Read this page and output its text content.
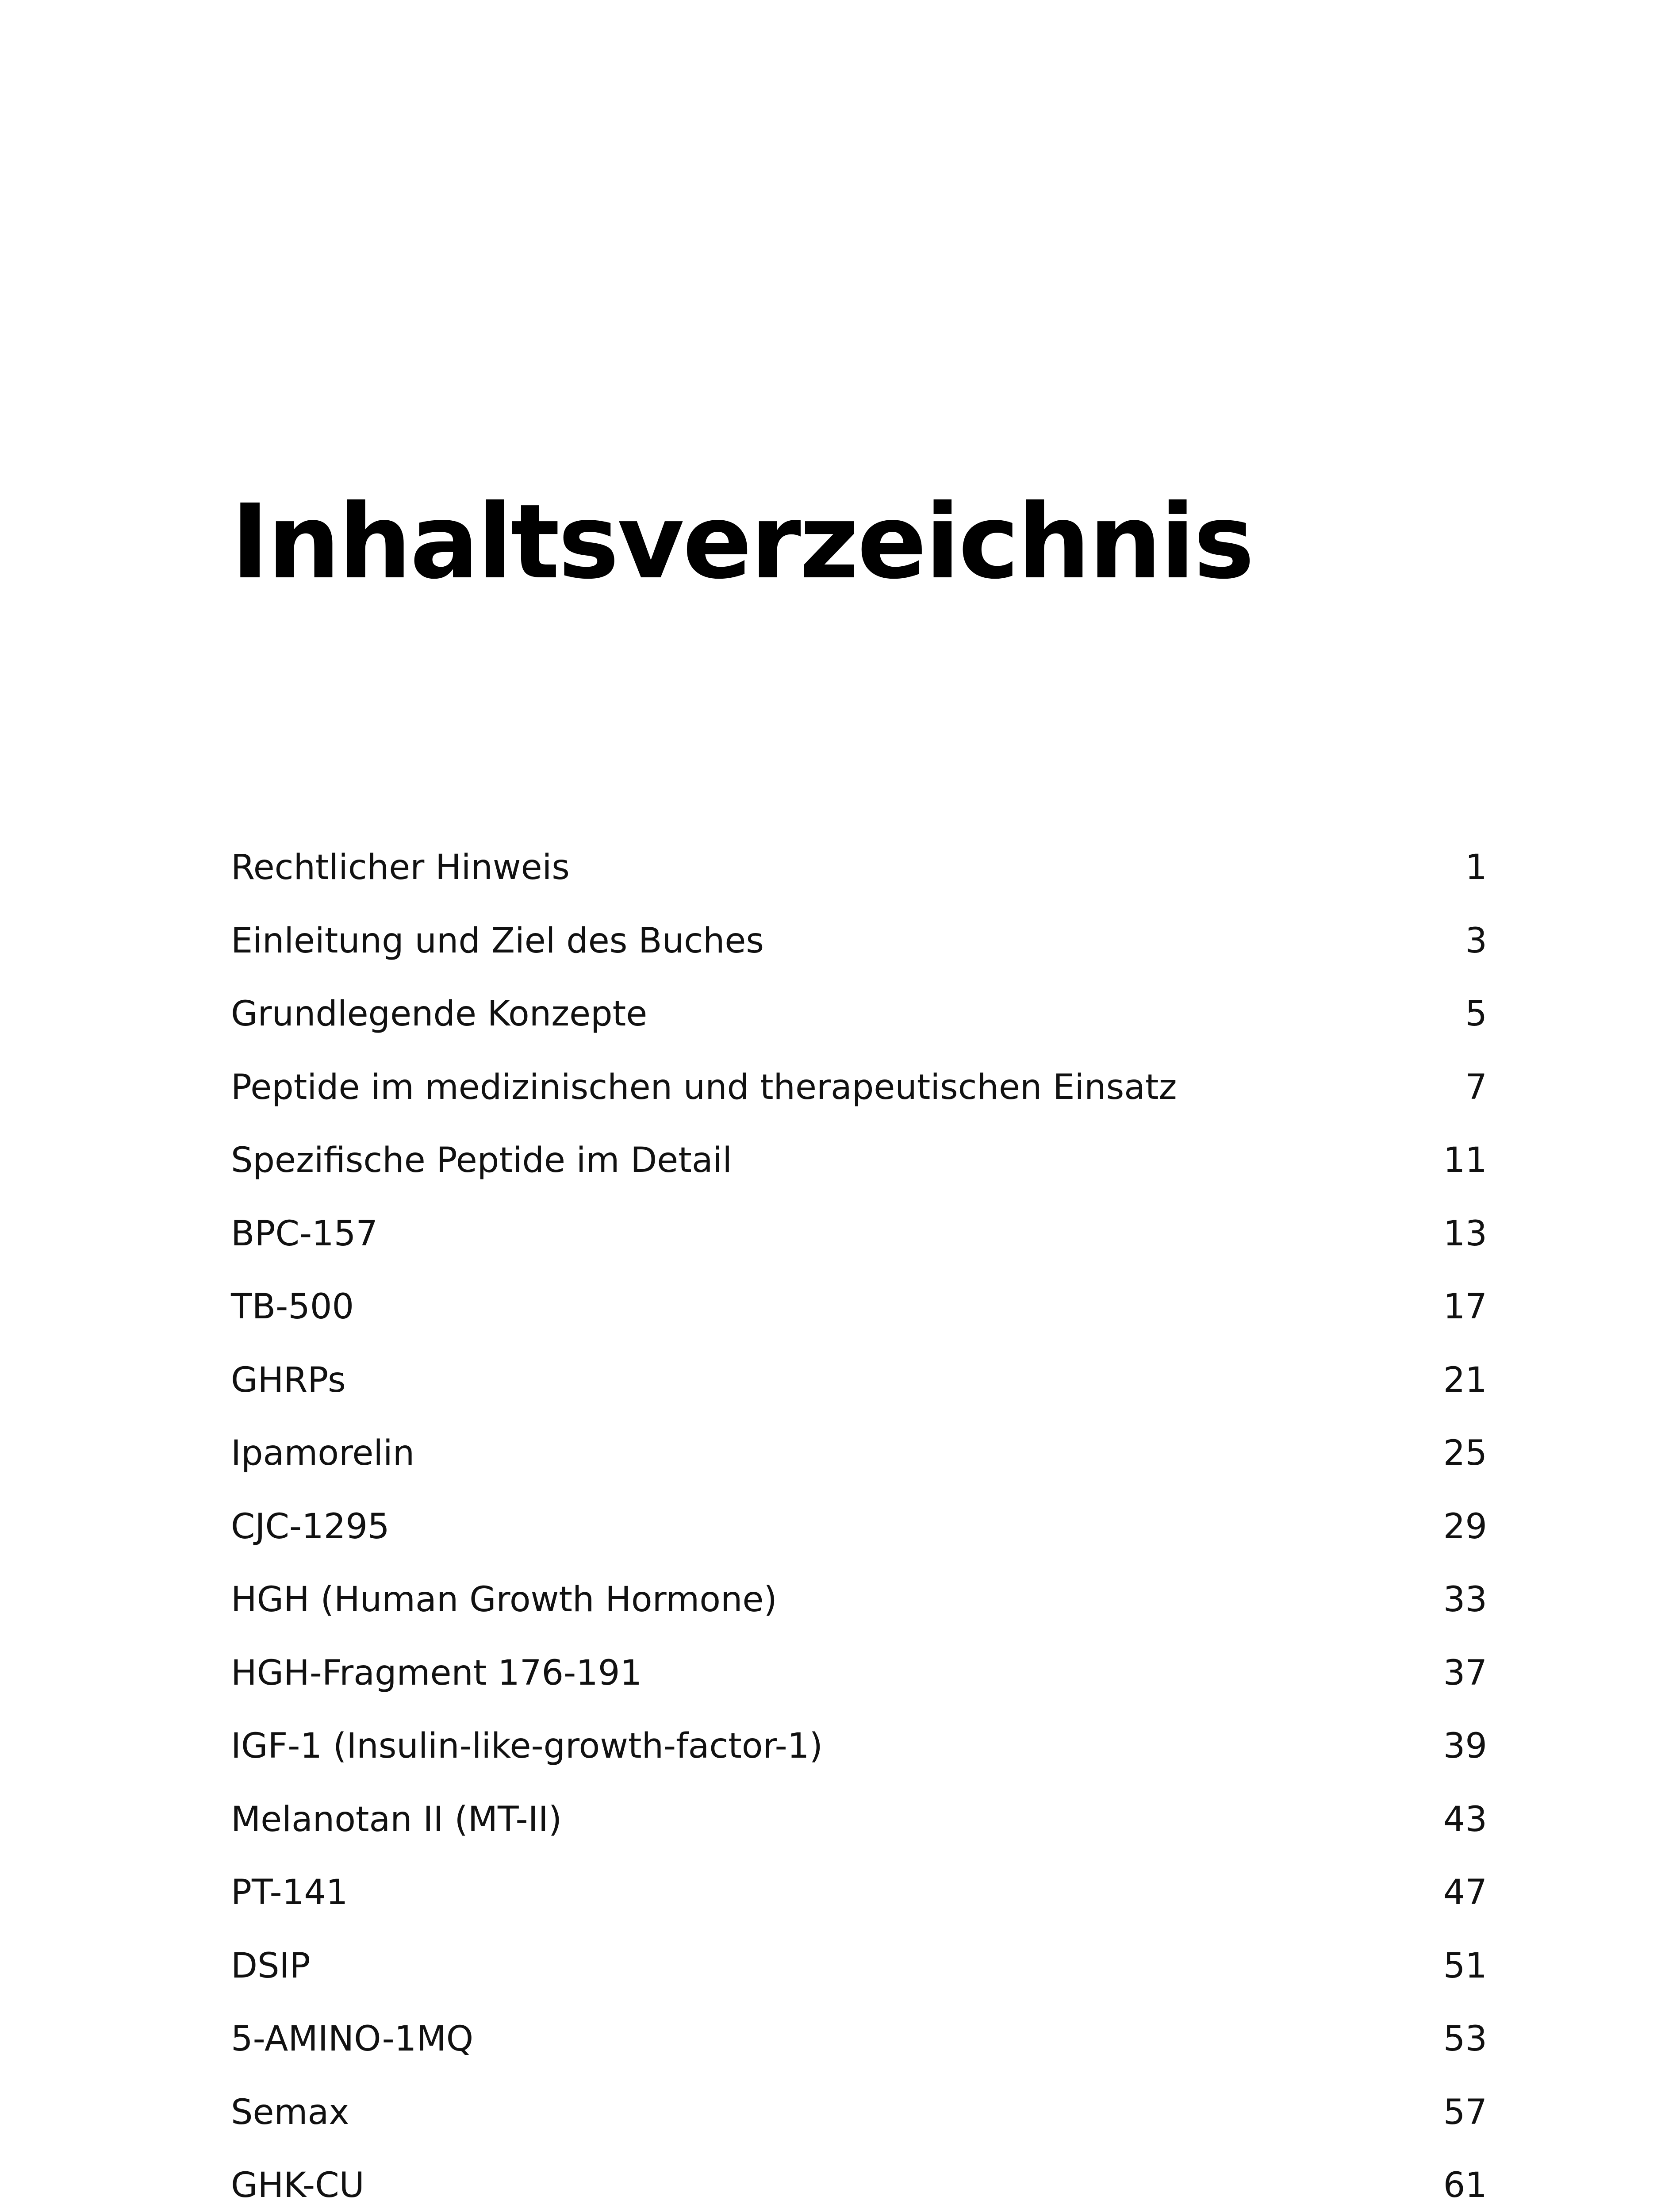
Inhaltsverzeichnis
Rechtlicher Hinweis	1
Einleitung und Ziel des Buches	3
Grundlegende Konzepte	5
Peptide im medizinischen und therapeutischen Einsatz	7
Spezifische Peptide im Detail	11
BPC-157	13
TB-500	17
GHRPs	21
Ipamorelin	25
CJC-1295	29
HGH (Human Growth Hormone)	33
HGH-Fragment 176-191	37
IGF-1 (Insulin-like-growth-factor-1)	39
Melanotan II (MT-II)	43
PT-141	47
DSIP	51
5-AMINO-1MQ	53
Semax	57
GHK-CU	61
